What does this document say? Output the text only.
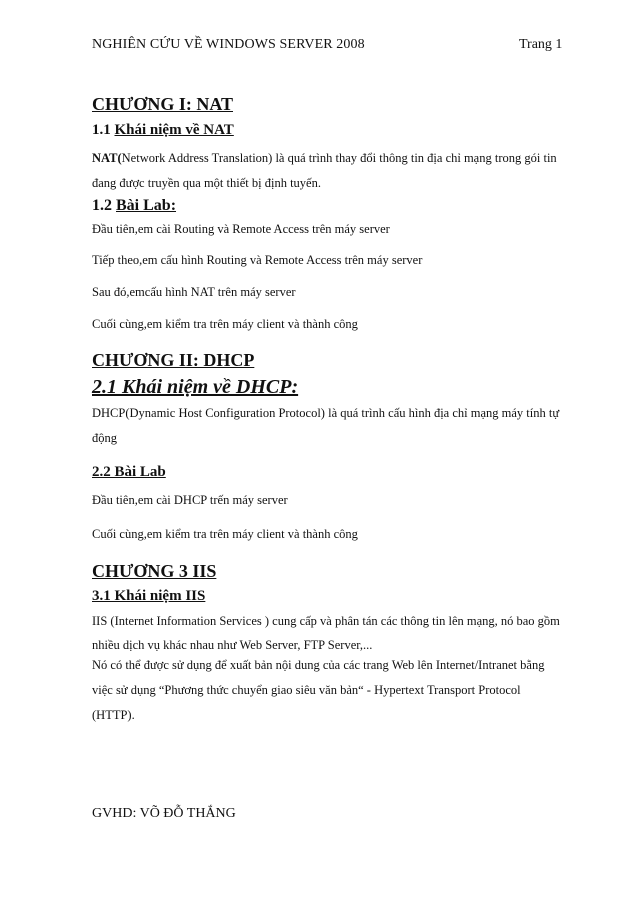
NGHIÊN CỨU VỀ WINDOWS SERVER 2008	Trang 1
CHƯƠNG I: NAT
1.1 Khái niệm về NAT
NAT(Network Address Translation) là quá trình thay đổi thông tin địa chỉ mạng trong gói tin
đang được truyền qua một thiết bị định tuyến.
1.2 Bài Lab:
Đầu tiên,em cài Routing và Remote Access trên máy server
Tiếp theo,em cấu hình Routing và Remote Access trên máy server
Sau đó,emcấu hình NAT trên máy server
Cuối cùng,em kiểm tra trên máy client và thành công
CHƯƠNG II: DHCP
2.1 Khái niệm về DHCP:
DHCP(Dynamic Host Configuration Protocol) là quá trình cấu hình địa chỉ mạng máy tính tự
động
2.2 Bài Lab
Đầu tiên,em cài DHCP trến máy server
Cuối cùng,em kiểm tra trên máy client và thành công
CHƯƠNG 3 IIS
3.1 Khái niệm IIS
IIS (Internet Information Services ) cung cấp và phân tán các thông tin lên mạng, nó bao gồm
nhiều dịch vụ khác nhau như Web Server, FTP Server,...
Nó có thể được sử dụng để xuất bản nội dung của các trang Web lên Internet/Intranet bằng
việc sử dụng “Phương thức chuyển giao siêu văn bản“ - Hypertext Transport Protocol
(HTTP).
GVHD: VÕ ĐỖ THẮNG
